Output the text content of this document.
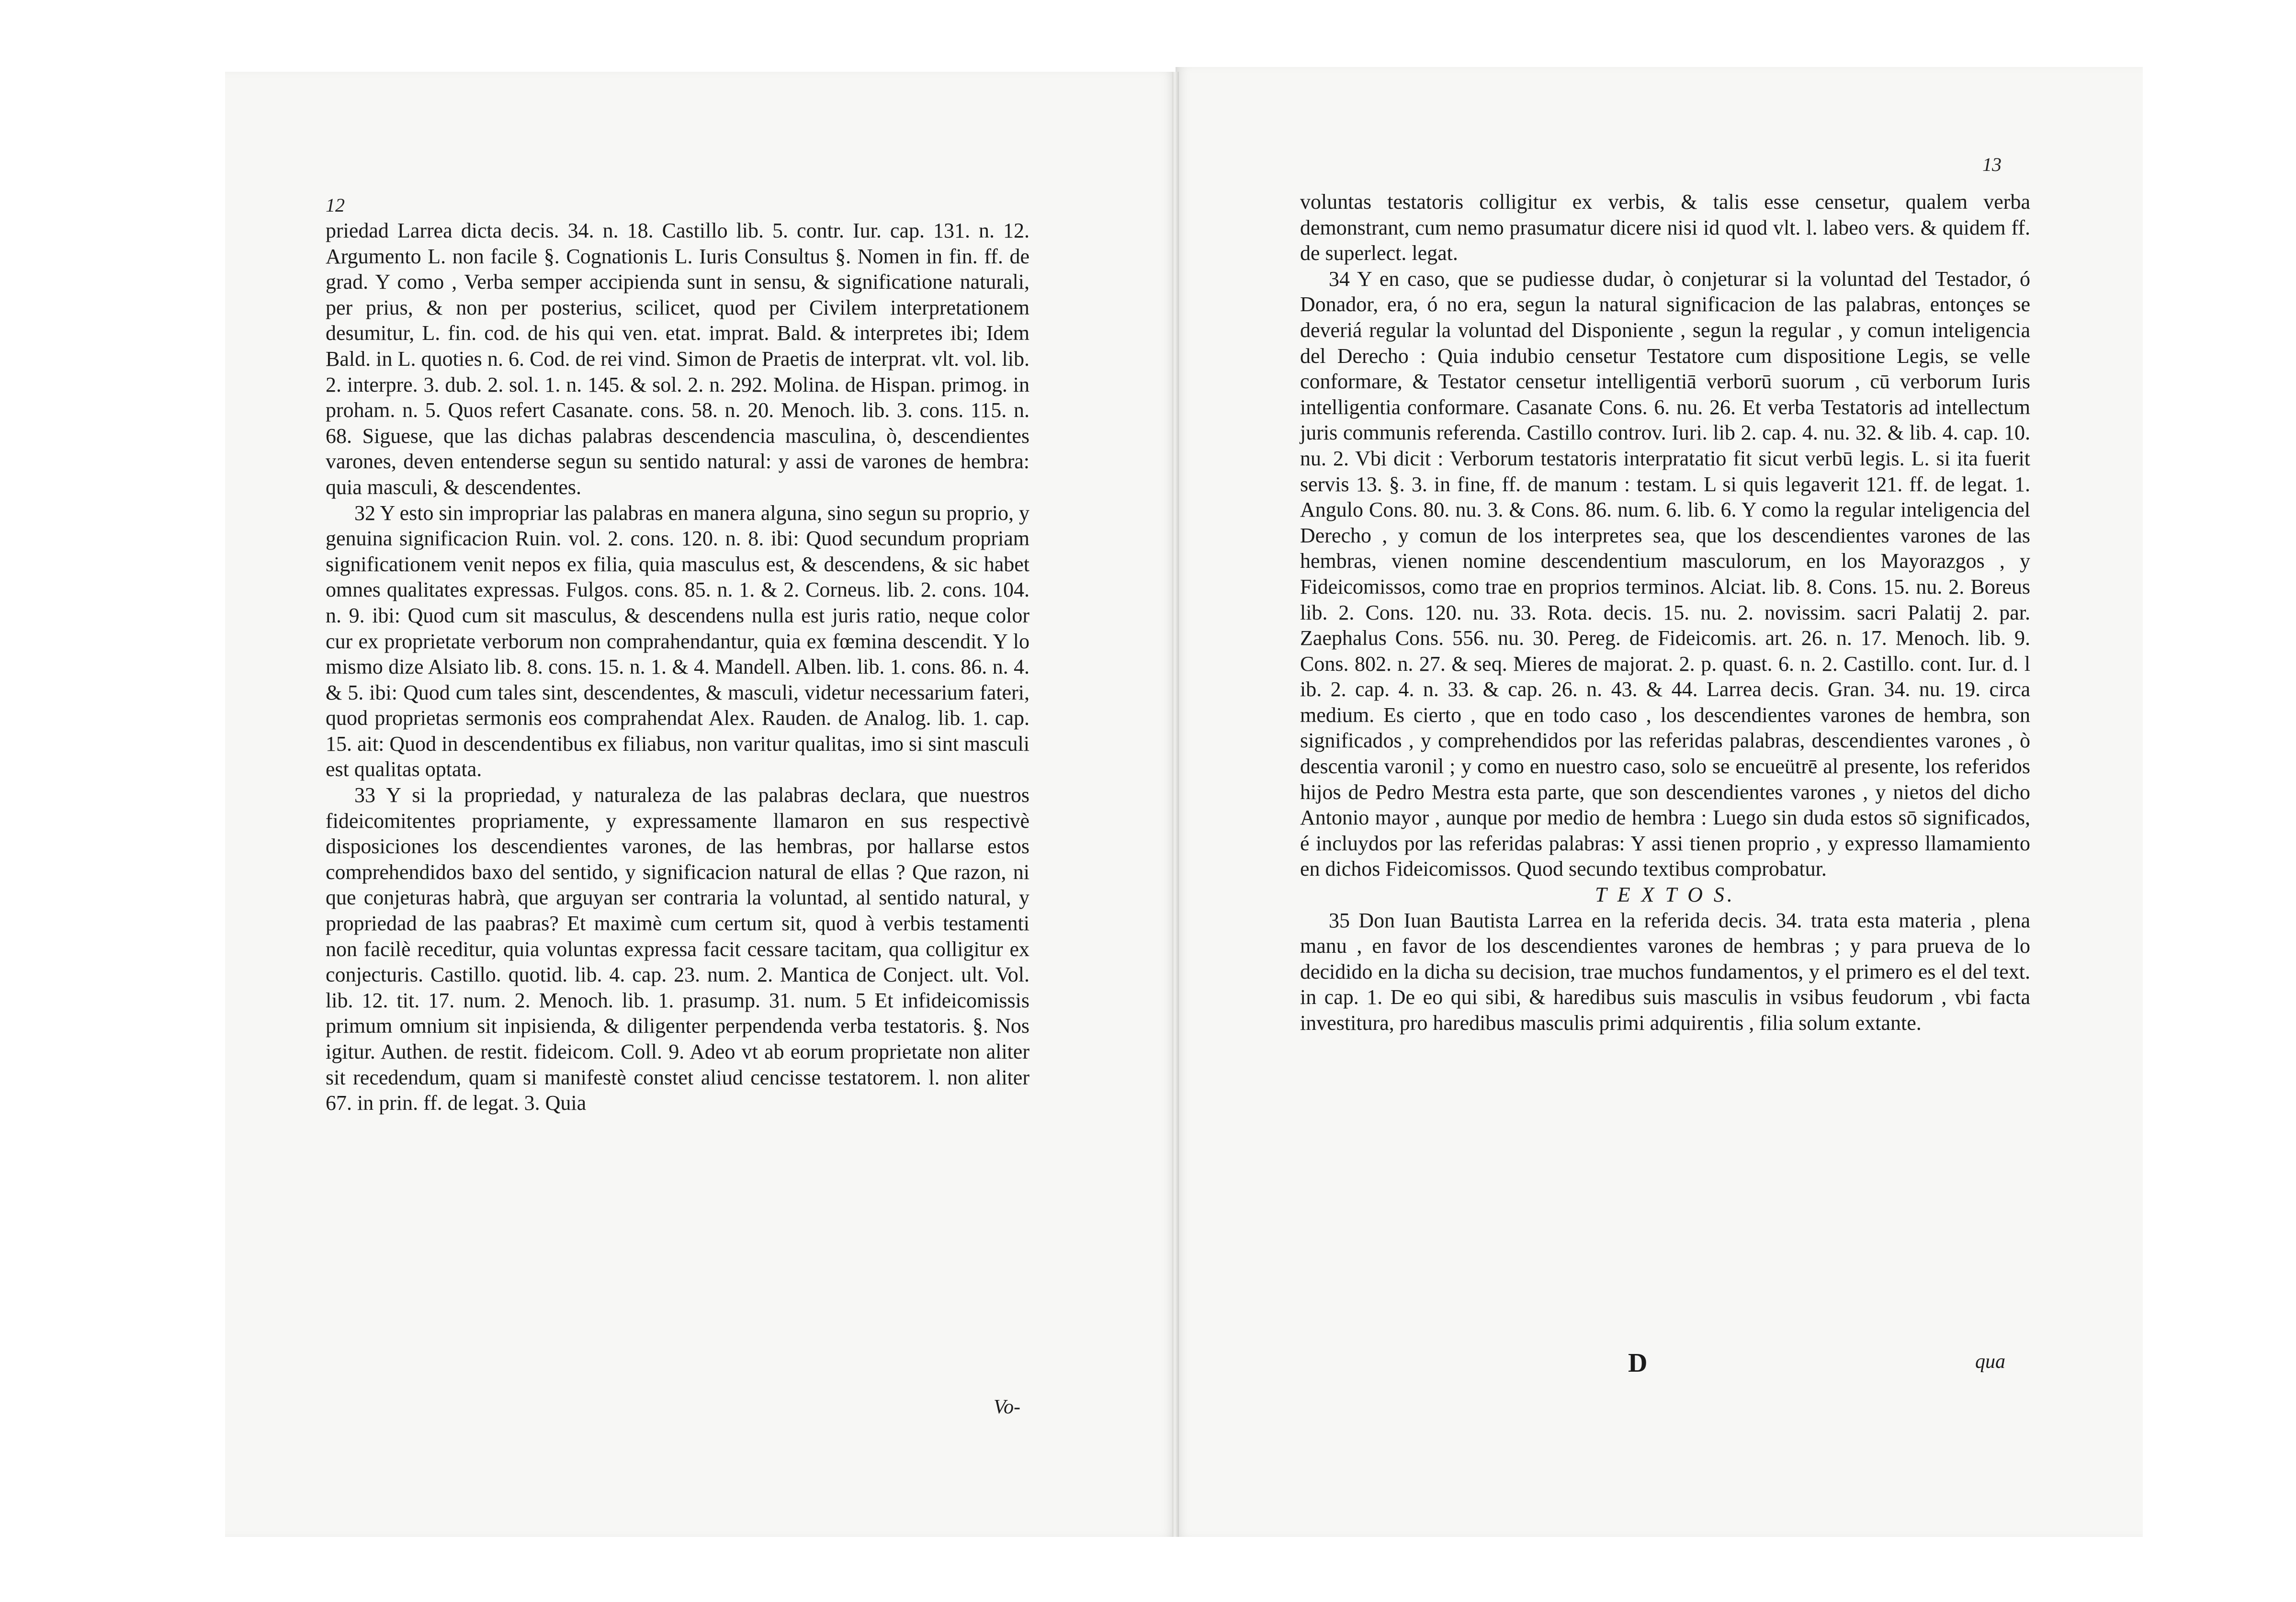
12

priedad Larrea dicta decis. 34. n. 18. Castillo lib. 5. contr. Iur. cap. 131. n. 12. Argumento L. non facile §. Cognationis L. Iuris Consultus §. Nomen in fin. ff. de grad. Y como , Verba semper accipienda sunt in sensu, & significatione naturali, per prius, & non per posterius, scilicet, quod per Civilem interpretationem desumitur, L. fin. cod. de his qui ven. etat. imprat. Bald. & interpretes ibi; Idem Bald. in L. quoties n. 6. Cod. de rei vind. Simon de Praetis de interprat. vlt. vol. lib. 2. interpre. 3. dub. 2. sol. 1. n. 145. & sol. 2. n. 292. Molina. de Hispan. primog. in proham. n. 5. Quos refert Casanate. cons. 58. n. 20. Menoch. lib. 3. cons. 115. n. 68. Siguese, que las dichas palabras descendencia masculina, ò, descendientes varones, deven entenderse segun su sentido natural: y assi de varones de hembra: quia masculi, & descendentes.

32 Y esto sin impropriar las palabras en manera alguna, sino segun su proprio, y genuina significacion Ruin. vol. 2. cons. 120. n. 8. ibi: Quod secundum propriam significationem venit nepos ex filia, quia masculus est, & descendens, & sic habet omnes qualitates expressas. Fulgos. cons. 85. n. 1. & 2. Corneus. lib. 2. cons. 104. n. 9. ibi: Quod cum sit masculus, & descendens nulla est juris ratio, neque color cur ex proprietate verborum non comprahendantur, quia ex fœmina descendit. Y lo mismo dize Alsiato lib. 8. cons. 15. n. 1. & 4. Mandell. Alben. lib. 1. cons. 86. n. 4. & 5. ibi: Quod cum tales sint, descendentes, & masculi, videtur necessarium fateri, quod proprietas sermonis eos comprahendat Alex. Rauden. de Analog. lib. 1. cap. 15. ait: Quod in descendentibus ex filiabus, non varitur qualitas, imo si sint masculi est qualitas optata.

33 Y si la propriedad, y naturaleza de las palabras declara, que nuestros fideicomitentes propriamente, y expressamente llamaron en sus respectivè disposiciones los descendientes varones, de las hembras, por hallarse estos comprehendidos baxo del sentido, y significacion natural de ellas ? Que razon, ni que conjeturas habrà, que arguyan ser contraria la voluntad, al sentido natural, y propriedad de las paabras? Et maximè cum certum sit, quod à verbis testamenti non facilè receditur, quia voluntas expressa facit cessare tacitam, qua colligitur ex conjecturis. Castillo. quotid. lib. 4. cap. 23. num. 2. Mantica de Conject. ult. Vol. lib. 12. tit. 17. num. 2. Menoch. lib. 1. prasump. 31. num. 5 Et infideicomissis primum omnium sit inpisienda, & diligenter perpendenda verba testatoris. §. Nos igitur. Authen. de restit. fideicom. Coll. 9. Adeo vt ab eorum proprietate non aliter sit recedendum, quam si manifestè constet aliud cencisse testatorem. l. non aliter 67. in prin. ff. de legat. 3. Quia

Vo-
13

voluntas testatoris colligitur ex verbis, & talis esse censetur, qualem verba demonstrant, cum nemo prasumatur dicere nisi id quod vlt. l. labeo vers. & quidem ff. de superlect. legat.

34 Y en caso, que se pudiesse dudar, ò conjeturar si la voluntad del Testador, ó Donador, era, ó no era, segun la natural significacion de las palabras, entonçes se deveriá regular la voluntad del Disponiente , segun la regular , y comun inteligencia del Derecho : Quia indubio censetur Testatore cum dispositione Legis, se velle conformare, & Testator censetur intelligentiā verborū suorum , cū verborum Iuris intelligentia conformare. Casanate Cons. 6. nu. 26. Et verba Testatoris ad intellectum juris communis referenda. Castillo controv. Iuri. lib 2. cap. 4. nu. 32. & lib. 4. cap. 10. nu. 2. Vbi dicit : Verborum testatoris interpratatio fit sicut verbū legis. L. si ita fuerit servis 13. §. 3. in fine, ff. de manum : testam. L si quis legaverit 121. ff. de legat. 1. Angulo Cons. 80. nu. 3. & Cons. 86. num. 6. lib. 6. Y como la regular inteligencia del Derecho , y comun de los interpretes sea, que los descendientes varones de las hembras, vienen nomine descendentium masculorum, en los Mayorazgos , y Fideicomissos, como trae en proprios terminos. Alciat. lib. 8. Cons. 15. nu. 2. Boreus lib. 2. Cons. 120. nu. 33. Rota. decis. 15. nu. 2. novissim. sacri Palatij 2. par. Zaephalus Cons. 556. nu. 30. Pereg. de Fideicomis. art. 26. n. 17. Menoch. lib. 9. Cons. 802. n. 27. & seq. Mieres de majorat. 2. p. quast. 6. n. 2. Castillo. cont. Iur. d. l ib. 2. cap. 4. n. 33. & cap. 26. n. 43. & 44. Larrea decis. Gran. 34. nu. 19. circa medium. Es cierto , que en todo caso , los descendientes varones de hembra, son significados , y comprehendidos por las referidas palabras, descendientes varones , ò descentia varonil ; y como en nuestro caso, solo se encueütrē al presente, los referidos hijos de Pedro Mestra esta parte, que son descendientes varones , y nietos del dicho Antonio mayor , aunque por medio de hembra : Luego sin duda estos sō significados, é incluydos por las referidas palabras: Y assi tienen proprio , y expresso llamamiento en dichos Fideicomissos. Quod secundo textibus comprobatur.

T E X T O S.

35 Don Iuan Bautista Larrea en la referida decis. 34. trata esta materia , plena manu , en favor de los descendientes varones de hembras ; y para prueva de lo decidido en la dicha su decision, trae muchos fundamentos, y el primero es el del text. in cap. 1. De eo qui sibi, & haredibus suis masculis in vsibus feudorum , vbi facta investitura, pro haredibus masculis primi adquirentis , filia solum extante.

D	qua
